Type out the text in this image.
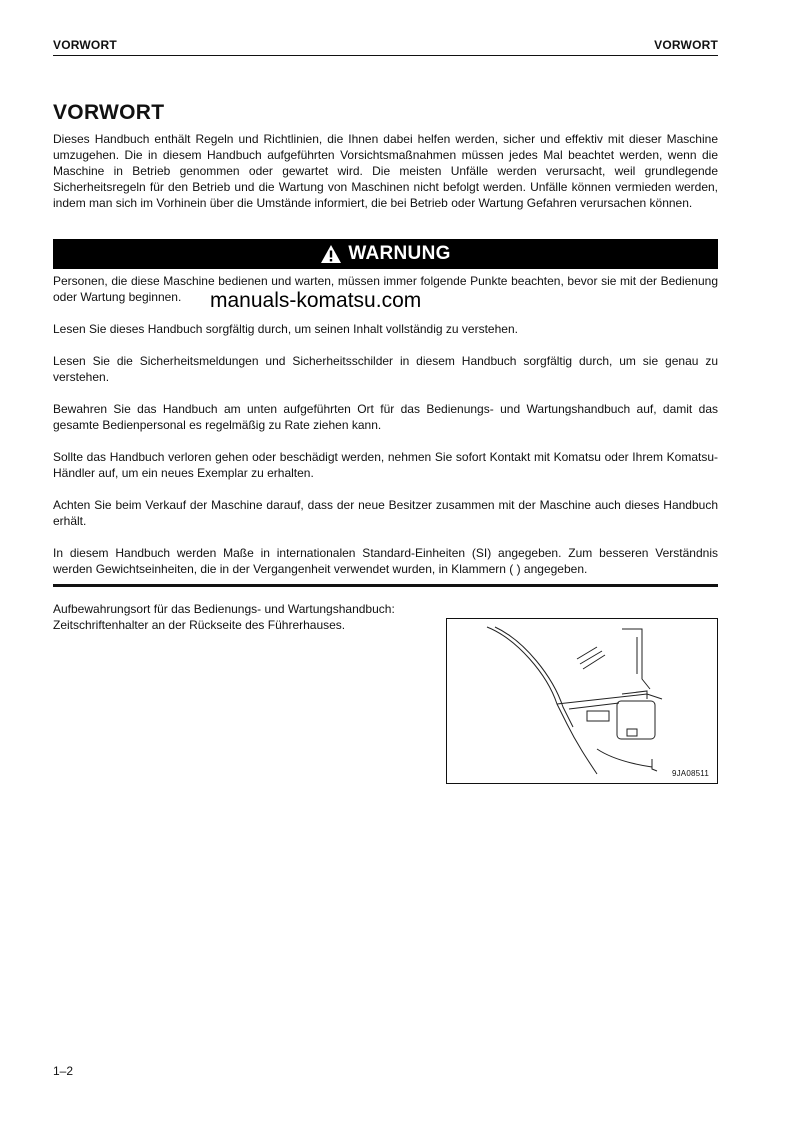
VORWORT	VORWORT
VORWORT

Dieses Handbuch enthält Regeln und Richtlinien, die Ihnen dabei helfen werden, sicher und effektiv mit dieser Maschine umzugehen. Die in diesem Handbuch aufgeführten Vorsichtsmaßnahmen müssen jedes Mal beachtet werden, wenn die Maschine in Betrieb genommen oder gewartet wird. Die meisten Unfälle werden verursacht, weil grundlegende Sicherheitsregeln für den Betrieb und die Wartung von Maschinen nicht befolgt werden. Unfälle können vermieden werden, indem man sich im Vorhinein über die Umstände informiert, die bei Betrieb oder Wartung Gefahren verursachen können.

WARNUNG

Personen, die diese Maschine bedienen und warten, müssen immer folgende Punkte beachten, bevor sie mit der Bedienung oder Wartung beginnen.	manuals-komatsu.com

Lesen Sie dieses Handbuch sorgfältig durch, um seinen Inhalt vollständig zu verstehen.

Lesen Sie die Sicherheitsmeldungen und Sicherheitsschilder in diesem Handbuch sorgfältig durch, um sie genau zu verstehen.

Bewahren Sie das Handbuch am unten aufgeführten Ort für das Bedienungs- und Wartungshandbuch auf, damit das gesamte Bedienpersonal es regelmäßig zu Rate ziehen kann.

Sollte das Handbuch verloren gehen oder beschädigt werden, nehmen Sie sofort Kontakt mit Komatsu oder Ihrem Komatsu-Händler auf, um ein neues Exemplar zu erhalten.

Achten Sie beim Verkauf der Maschine darauf, dass der neue Besitzer zusammen mit der Maschine auch dieses Handbuch erhält.

In diesem Handbuch werden Maße in internationalen Standard-Einheiten (SI) angegeben. Zum besseren Verständnis werden Gewichtseinheiten, die in der Vergangenheit verwendet wurden, in Klammern ( ) angegeben.

Aufbewahrungsort für das Bedienungs- und Wartungshandbuch:
Zeitschriftenhalter an der Rückseite des Führerhauses.
9JA08511
1–2
